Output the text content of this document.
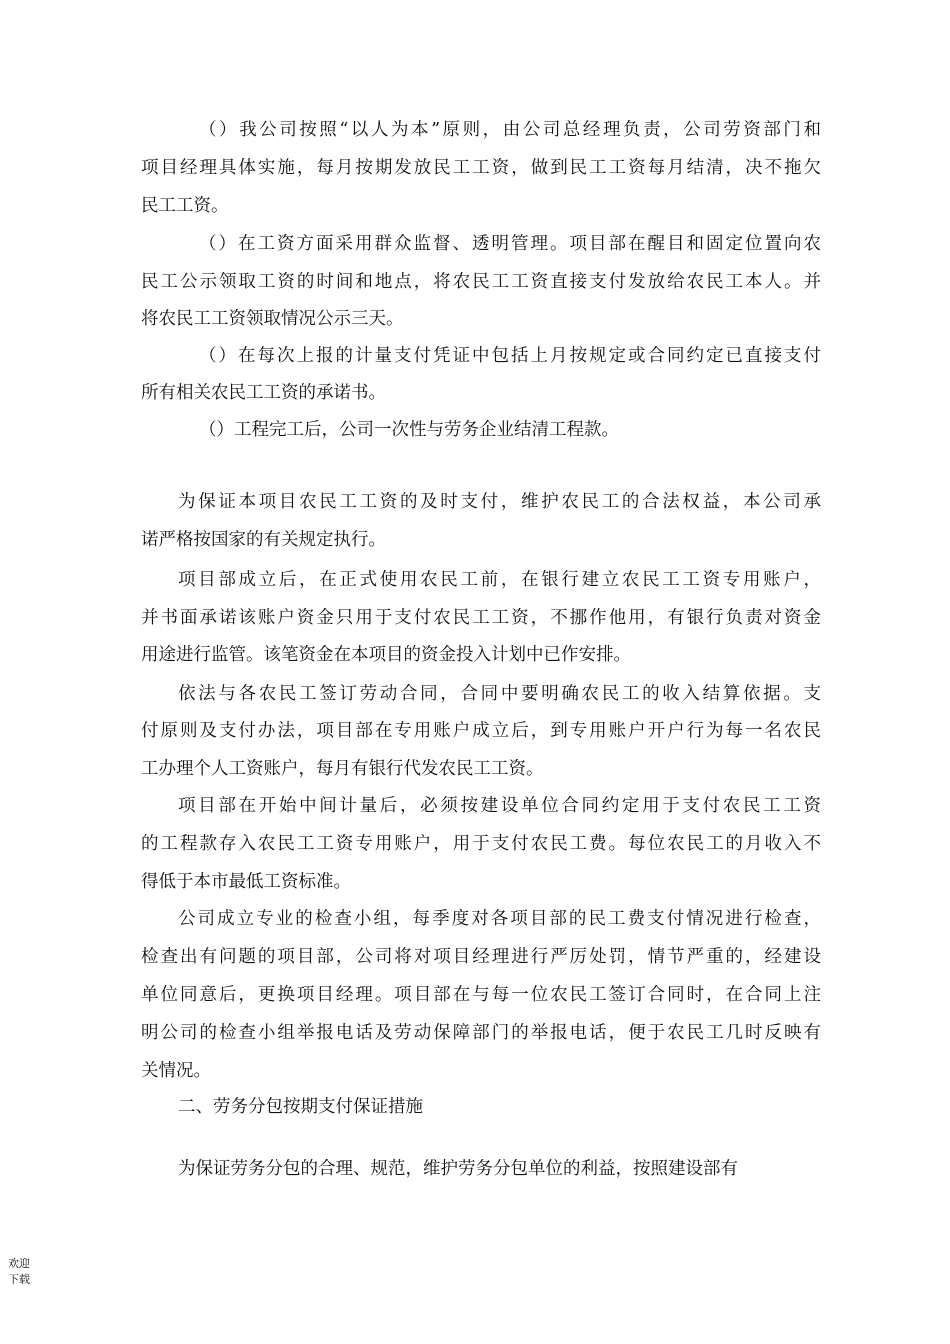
（）我公司按照“以人为本”原则，由公司总经理负责，公司劳资部门和
项目经理具体实施，每月按期发放民工工资，做到民工工资每月结清，决不拖欠
民工工资。
（）在工资方面采用群众监督、透明管理。项目部在醒目和固定位置向农
民工公示领取工资的时间和地点，将农民工工资直接支付发放给农民工本人。并
将农民工工资领取情况公示三天。
（）在每次上报的计量支付凭证中包括上月按规定或合同约定已直接支付
所有相关农民工工资的承诺书。
（）工程完工后，公司一次性与劳务企业结清工程款。
为保证本项目农民工工资的及时支付，维护农民工的合法权益，本公司承
诺严格按国家的有关规定执行。
项目部成立后，在正式使用农民工前，在银行建立农民工工资专用账户，
并书面承诺该账户资金只用于支付农民工工资，不挪作他用，有银行负责对资金
用途进行监管。该笔资金在本项目的资金投入计划中已作安排。
依法与各农民工签订劳动合同，合同中要明确农民工的收入结算依据。支
付原则及支付办法，项目部在专用账户成立后，到专用账户开户行为每一名农民
工办理个人工资账户，每月有银行代发农民工工资。
项目部在开始中间计量后，必须按建设单位合同约定用于支付农民工工资
的工程款存入农民工工资专用账户，用于支付农民工费。每位农民工的月收入不
得低于本市最低工资标准。
公司成立专业的检查小组，每季度对各项目部的民工费支付情况进行检查，
检查出有问题的项目部，公司将对项目经理进行严厉处罚，情节严重的，经建设
单位同意后，更换项目经理。项目部在与每一位农民工签订合同时，在合同上注
明公司的检查小组举报电话及劳动保障部门的举报电话，便于农民工几时反映有
关情况。
二、劳务分包按期支付保证措施
为保证劳务分包的合理、规范，维护劳务分包单位的利益，按照建设部有
欢迎
下载
